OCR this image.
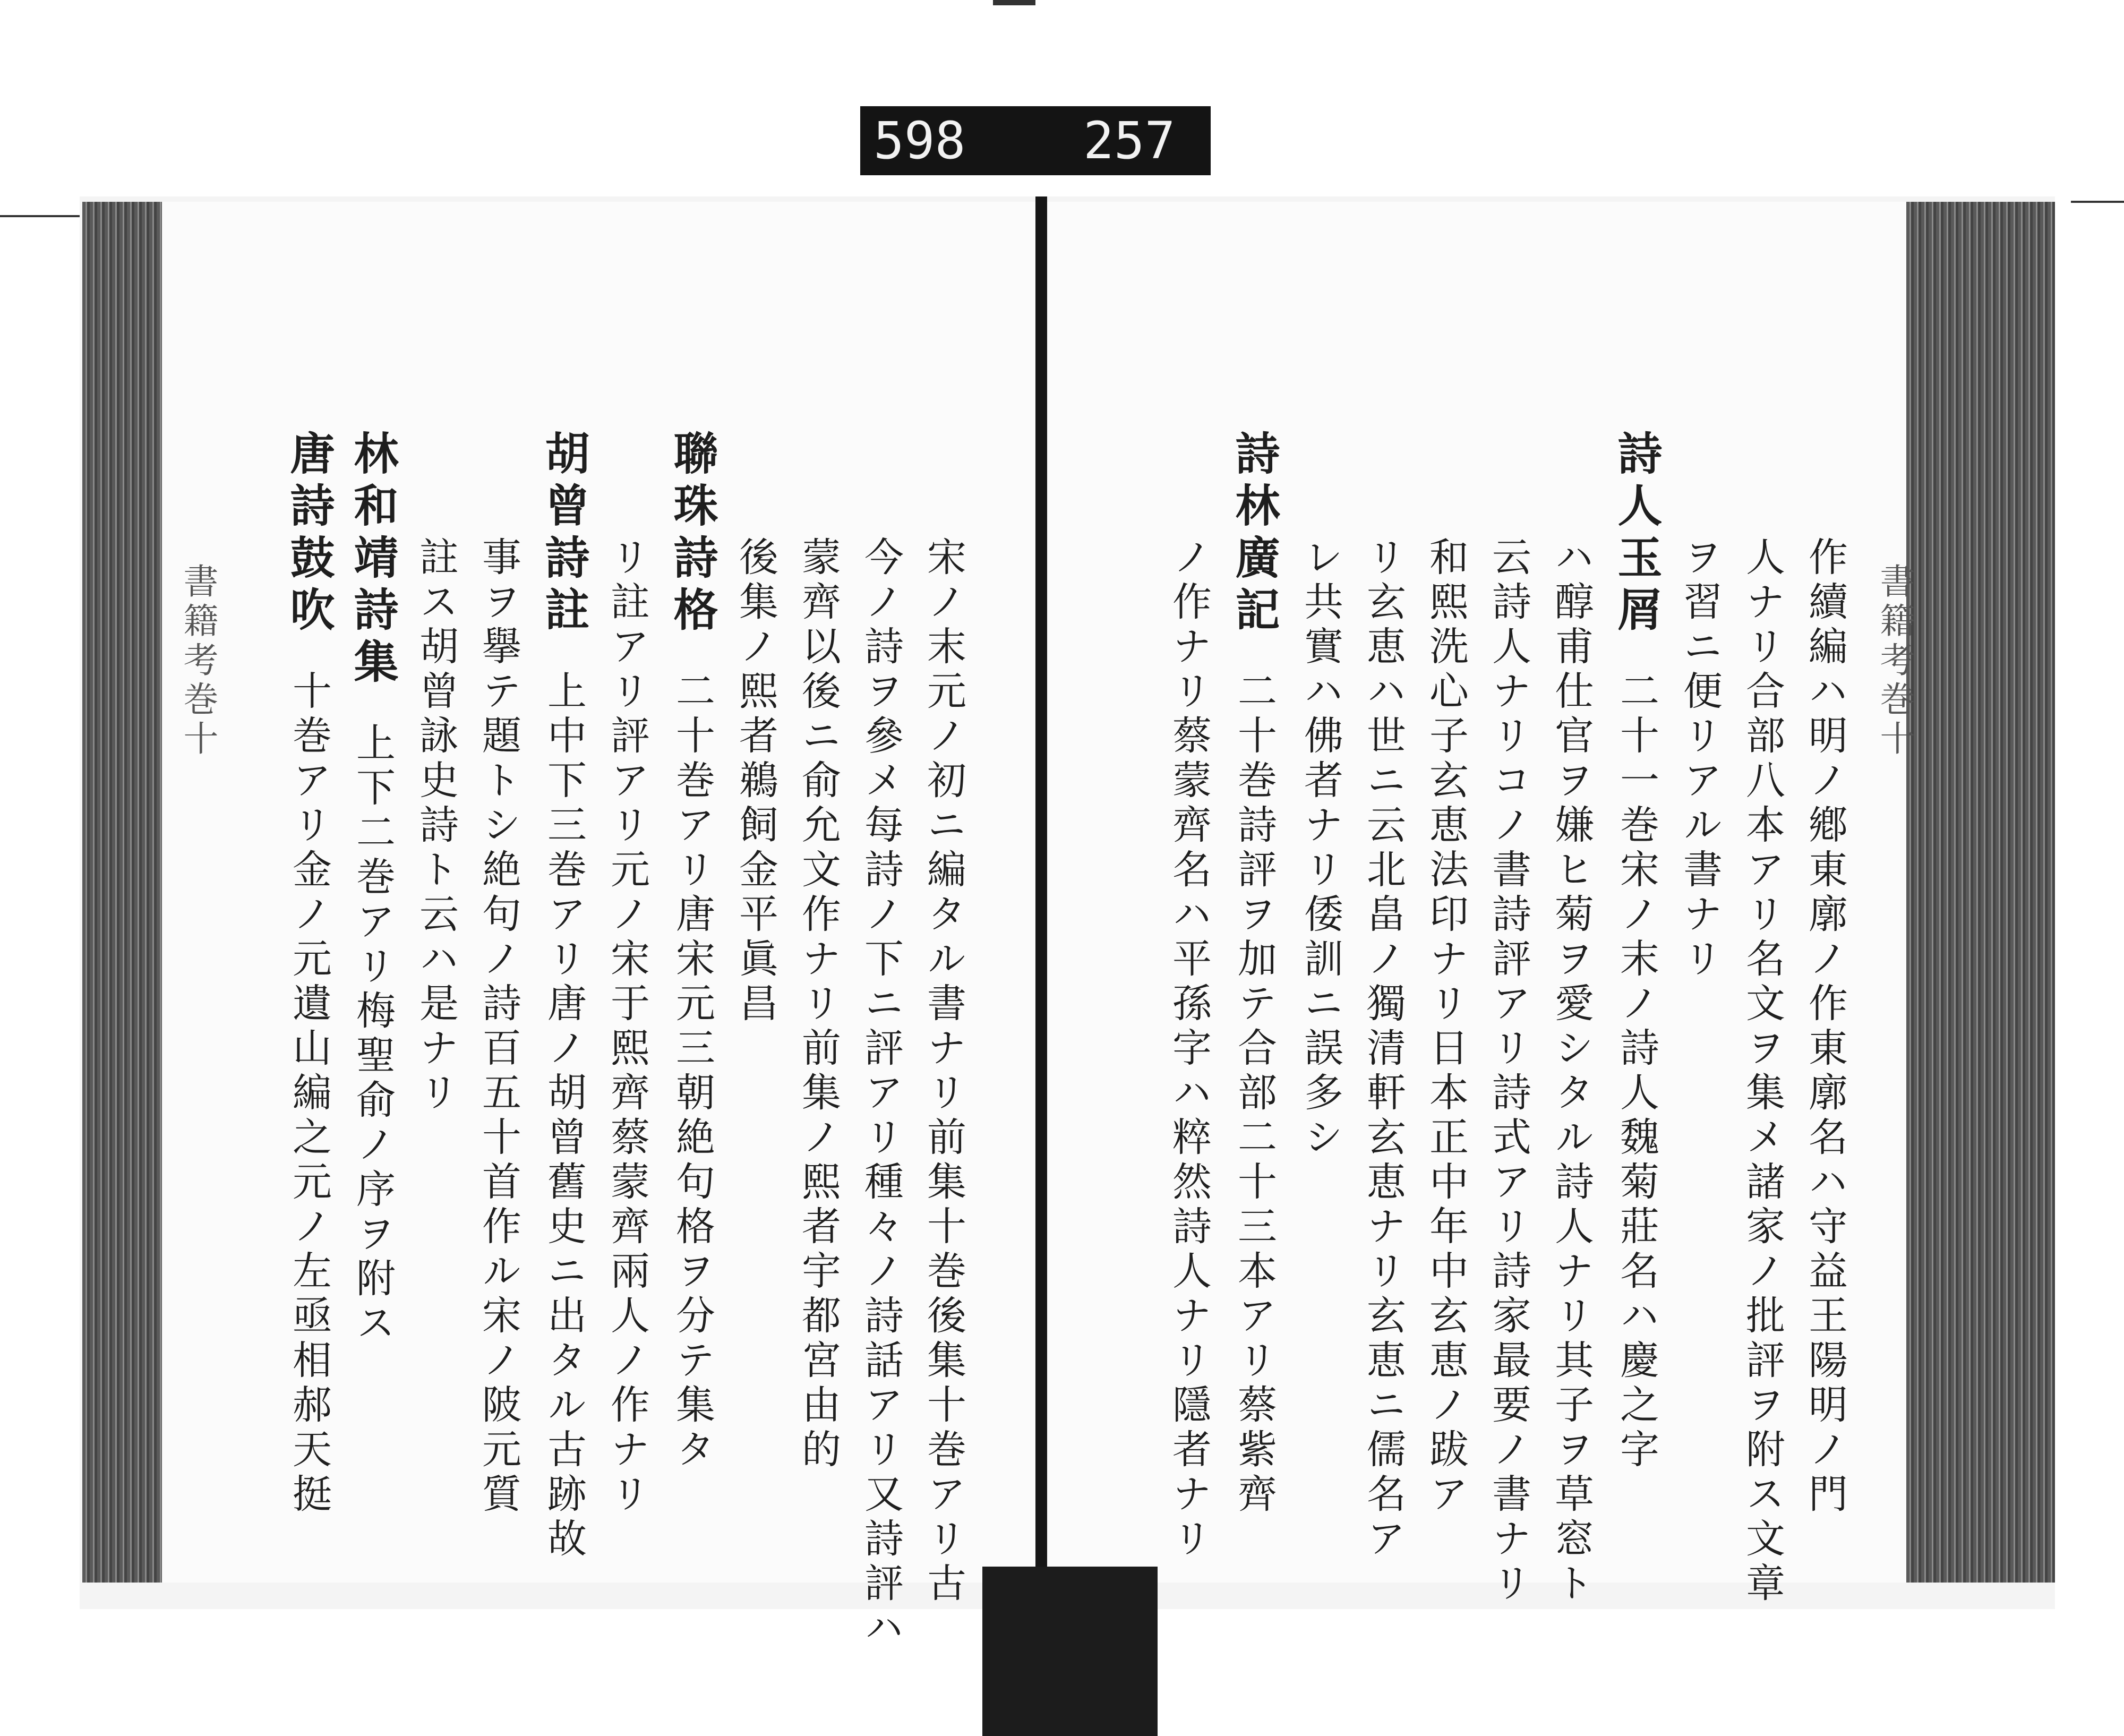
598 257
書籍考巻十
書籍考巻十	作續編ハ明ノ鄕東廓ノ作東廓名ハ守益王陽明ノ門
人ナリ合部八本アリ名文ヲ集メ諸家ノ批評ヲ附ス文章
ヲ習ニ便リアル書ナリ
詩人玉屑二十一巻宋ノ末ノ詩人魏菊莊名ハ慶之字
ハ醇甫仕官ヲ嫌ヒ菊ヲ愛シタル詩人ナリ其子ヲ草窓ト
云詩人ナリコノ書詩評アリ詩式アリ詩家最要ノ書ナリ
和熙洗心子玄恵法印ナリ日本正中年中玄恵ノ跋ア
リ玄恵ハ世ニ云北畠ノ獨清軒玄恵ナリ玄恵ニ儒名ア
レ共實ハ佛者ナリ倭訓ニ誤多シ
詩林廣記二十巻詩評ヲ加テ合部二十三本アリ蔡紫齊
ノ作ナリ蔡蒙齊名ハ平孫字ハ粹然詩人ナリ隱者ナリ
宋ノ末元ノ初ニ編タル書ナリ前集十巻後集十巻アリ古
今ノ詩ヲ參メ每詩ノ下ニ評アリ種々ノ詩話アリ又詩評ハ
蒙齊以後ニ俞允文作ナリ前集ノ熙者宇都宮由的
後集ノ熙者鵜飼金平眞昌
聯珠詩格二十巻アリ唐宋元三朝絶句格ヲ分テ集タ
リ註アリ評アリ元ノ宋于熙齊蔡蒙齊兩人ノ作ナリ
胡曾詩註上中下三巻アリ唐ノ胡曾舊史ニ出タル古跡故
事ヲ擧テ題トシ絶句ノ詩百五十首作ル宋ノ陂元質
註ス胡曾詠史詩ト云ハ是ナリ
林和靖詩集上下二巻アリ梅聖俞ノ序ヲ附ス
唐詩鼓吹十巻アリ金ノ元遺山編之元ノ左亟相郝天挺
